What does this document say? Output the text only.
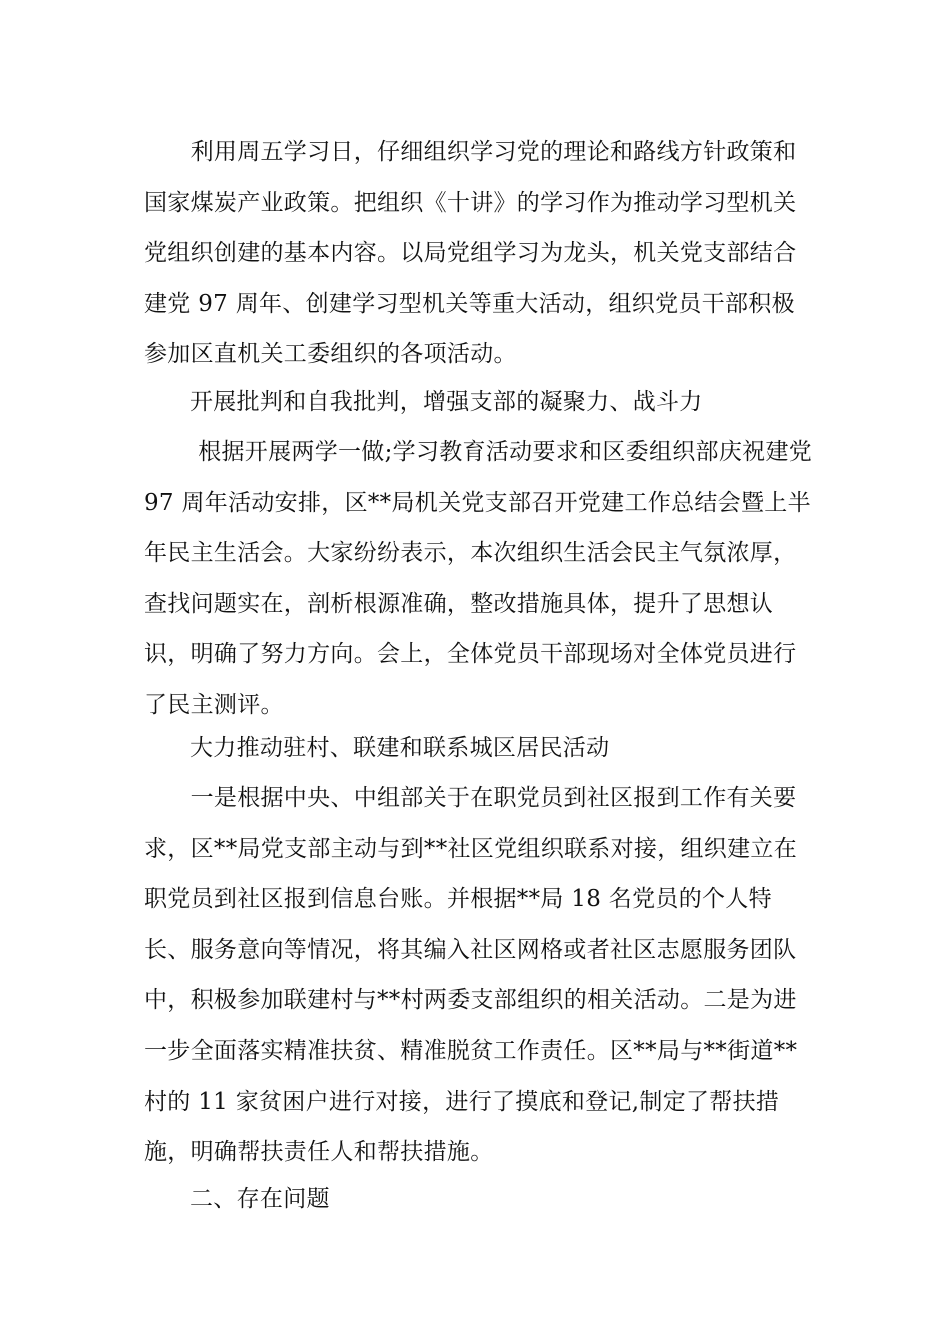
　　利用周五学习日，仔细组织学习党的理论和路线方针政策和国家煤炭产业政策。把组织《十讲》的学习作为推动学习型机关党组织创建的基本内容。以局党组学习为龙头，机关党支部结合建党 97 周年、创建学习型机关等重大活动，组织党员干部积极参加区直机关工委组织的各项活动。
开展批判和自我批判，增强支部的凝聚力、战斗力
　　 根据开展两学一做;学习教育活动要求和区委组织部庆祝建党97 周年活动安排，区**局机关党支部召开党建工作总结会暨上半年民主生活会。大家纷纷表示，本次组织生活会民主气氛浓厚，查找问题实在，剖析根源准确，整改措施具体，提升了思想认识，明确了努力方向。会上，全体党员干部现场对全体党员进行了民主测评。
大力推动驻村、联建和联系城区居民活动
　　一是根据中央、中组部关于在职党员到社区报到工作有关要求，区**局党支部主动与到**社区党组织联系对接，组织建立在职党员到社区报到信息台账。并根据**局 18 名党员的个人特长、服务意向等情况，将其编入社区网格或者社区志愿服务团队中，积极参加联建村与**村两委支部组织的相关活动。二是为进一步全面落实精准扶贫、精准脱贫工作责任。区**局与**街道**村的 11 家贫困户进行对接，进行了摸底和登记,制定了帮扶措施，明确帮扶责任人和帮扶措施。
二、存在问题
